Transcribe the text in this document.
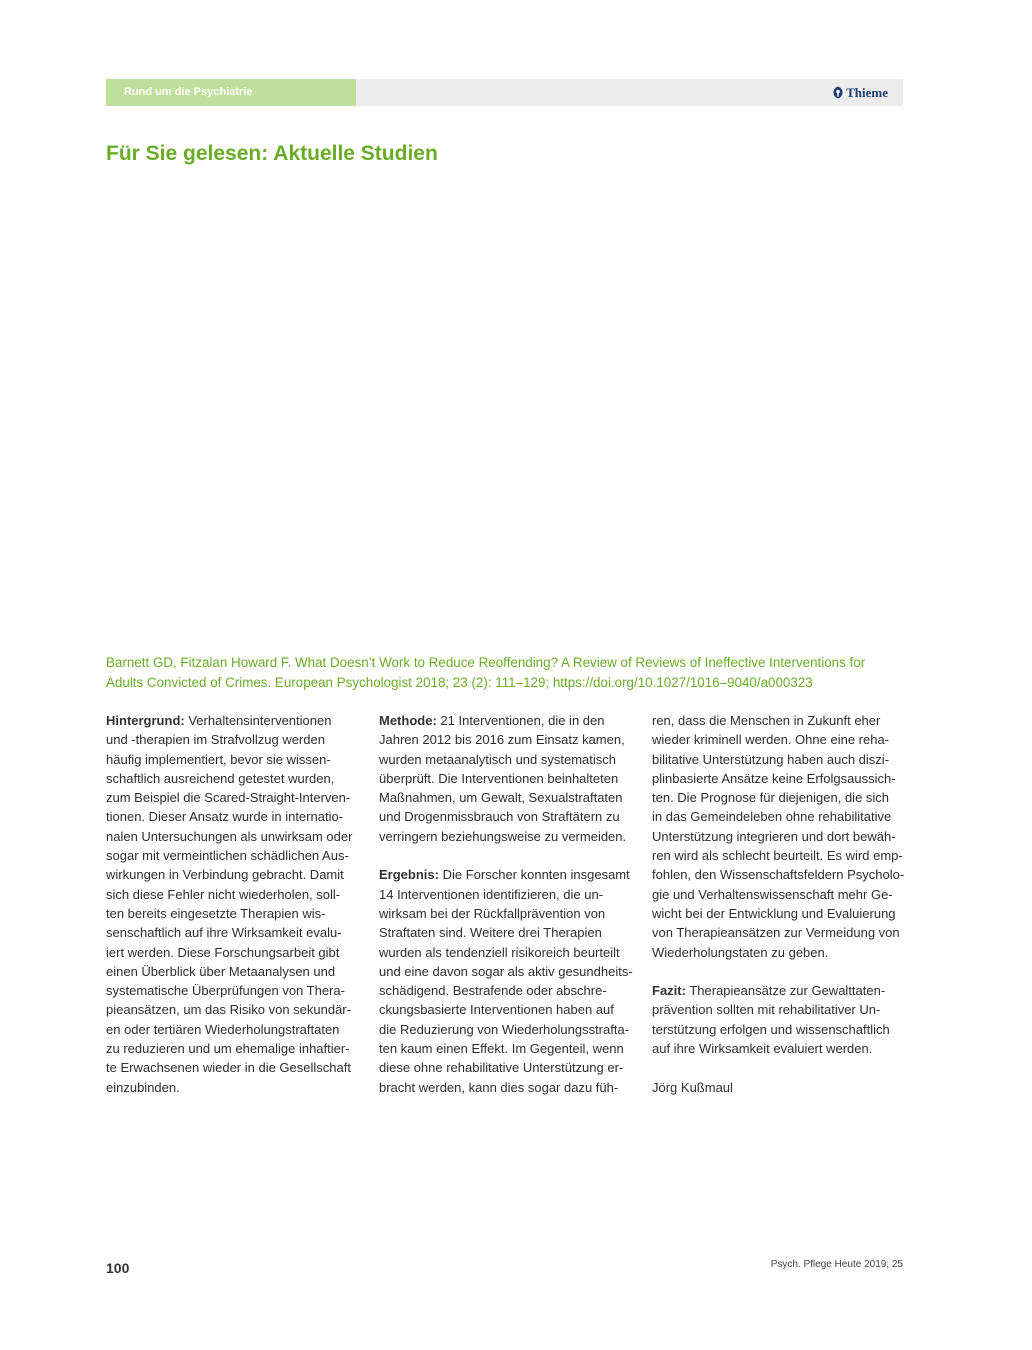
Rund um die Psychiatrie	Thieme
Für Sie gelesen: Aktuelle Studien

Barnett GD, Fitzalan Howard F. What Doesn’t Work to Reduce Reoffending? A Review of Reviews of Ineffective Interventions for Adults Convicted of Crimes. European Psychologist 2018; 23 (2): 111–129; https://doi.org/10.1027/1016–9040/a000323

Hintergrund: Verhaltensinterventionen
und -therapien im Strafvollzug werden
häufig implementiert, bevor sie wissen-
schaftlich ausreichend getestet wurden,
zum Beispiel die Scared-Straight-Interven-
tionen. Dieser Ansatz wurde in internatio-
nalen Untersuchungen als unwirksam oder
sogar mit vermeintlichen schädlichen Aus-
wirkungen in Verbindung gebracht. Damit
sich diese Fehler nicht wiederholen, soll-
ten bereits eingesetzte Therapien wis-
senschaftlich auf ihre Wirksamkeit evalu-
iert werden. Diese Forschungsarbeit gibt
einen Überblick über Metaanalysen und
systematische Überprüfungen von Thera-
pieansätzen, um das Risiko von sekundär-
en oder tertiären Wiederholungstraftaten
zu reduzieren und um ehemalige inhaftier-
te Erwachsenen wieder in die Gesellschaft
einzubinden.

Methode: 21 Interventionen, die in den
Jahren 2012 bis 2016 zum Einsatz kamen,
wurden metaanalytisch und systematisch
überprüft. Die Interventionen beinhalteten
Maßnahmen, um Gewalt, Sexualstraftaten
und Drogenmissbrauch von Straftätern zu
verringern beziehungsweise zu vermeiden.

Ergebnis: Die Forscher konnten insgesamt
14 Interventionen identifizieren, die un-
wirksam bei der Rückfallprävention von
Straftaten sind. Weitere drei Therapien
wurden als tendenziell risikoreich beurteilt
und eine davon sogar als aktiv gesundheits-
schädigend. Bestrafende oder abschre-
ckungsbasierte Interventionen haben auf
die Reduzierung von Wiederholungsstrafta-
ten kaum einen Effekt. Im Gegenteil, wenn
diese ohne rehabilitative Unterstützung er-
bracht werden, kann dies sogar dazu füh-

ren, dass die Menschen in Zukunft eher
wieder kriminell werden. Ohne eine reha-
bilitative Unterstützung haben auch diszi-
plinbasierte Ansätze keine Erfolgsaussich-
ten. Die Prognose für diejenigen, die sich
in das Gemeindeleben ohne rehabilitative
Unterstützung integrieren und dort bewäh-
ren wird als schlecht beurteilt. Es wird emp-
fohlen, den Wissenschaftsfeldern Psycholo-
gie und Verhaltenswissenschaft mehr Ge-
wicht bei der Entwicklung und Evaluierung
von Therapieansätzen zur Vermeidung von
Wiederholungstaten zu geben.

Fazit: Therapieansätze zur Gewalttaten-
prävention sollten mit rehabilitativer Un-
terstützung erfolgen und wissenschaftlich
auf ihre Wirksamkeit evaluiert werden.

Jörg Kußmaul

100	Psych. Pflege Heute 2019; 25
